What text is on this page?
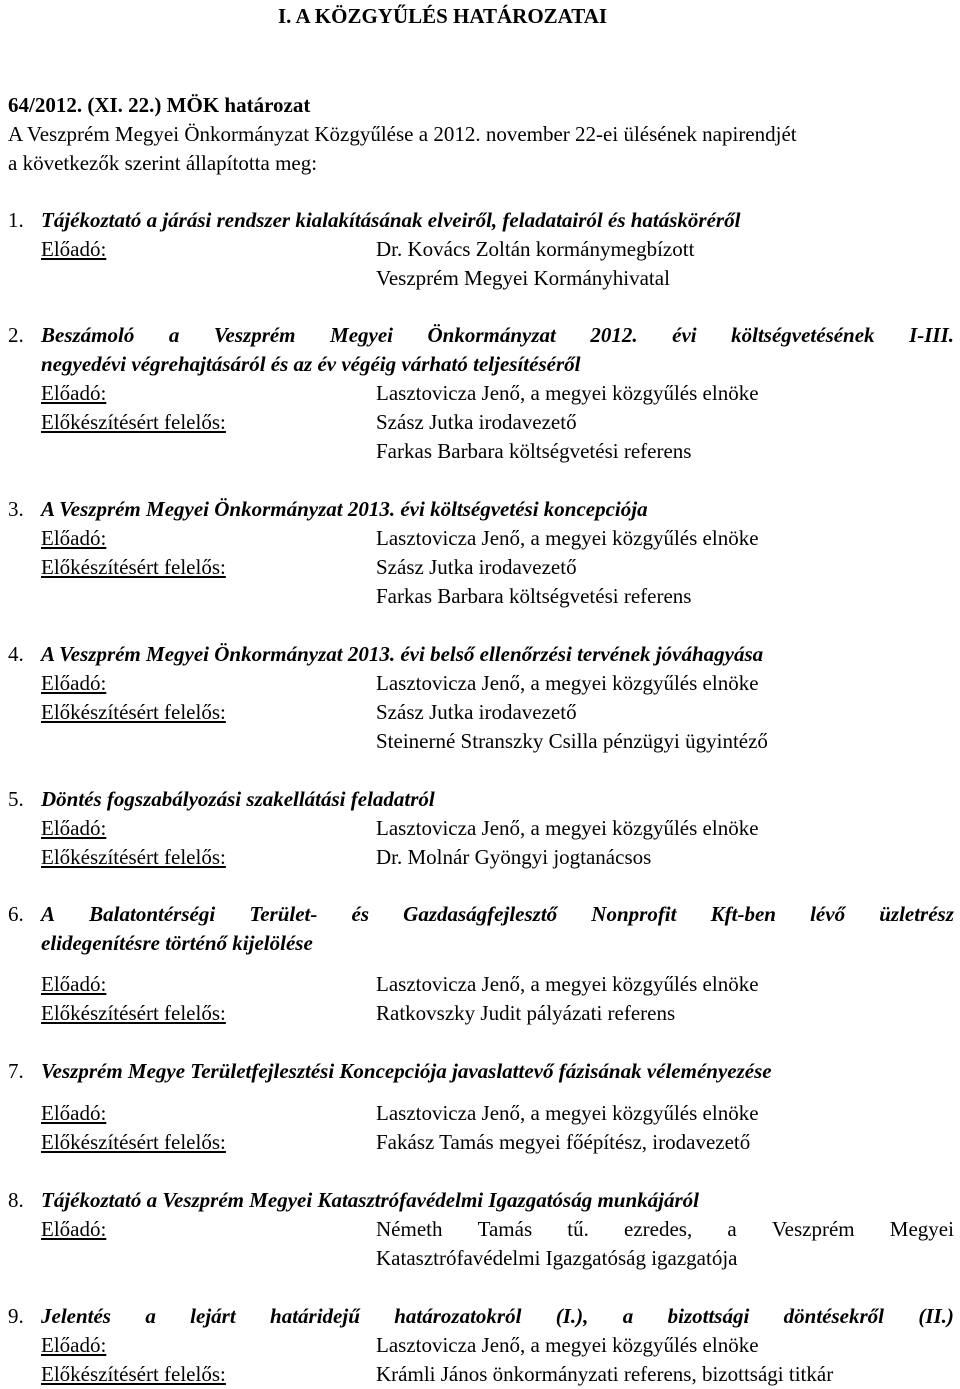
I. A KÖZGYŰLÉS HATÁROZATAI
64/2012. (XI. 22.) MÖK határozat
A Veszprém Megyei Önkormányzat Közgyűlése a 2012. november 22-ei ülésének napirendjét
a következők szerint állapította meg:
1. Tájékoztató a járási rendszer kialakításának elveiről, feladatairól és hatásköréről
Előadó:	Dr. Kovács Zoltán kormánymegbízott
Veszprém Megyei Kormányhivatal
2. Beszámoló a Veszprém Megyei Önkormányzat 2012. évi költségvetésének I-III.
negyedévi végrehajtásáról és az év végéig várható teljesítéséről
Előadó:	Lasztovicza Jenő, a megyei közgyűlés elnöke
Előkészítésért felelős:	Szász Jutka irodavezető
Farkas Barbara költségvetési referens
3. A Veszprém Megyei Önkormányzat 2013. évi költségvetési koncepciója
Előadó:	Lasztovicza Jenő, a megyei közgyűlés elnöke
Előkészítésért felelős:	Szász Jutka irodavezető
Farkas Barbara költségvetési referens
4. A Veszprém Megyei Önkormányzat 2013. évi belső ellenőrzési tervének jóváhagyása
Előadó:	Lasztovicza Jenő, a megyei közgyűlés elnöke
Előkészítésért felelős:	Szász Jutka irodavezető
Steinerné Stranszky Csilla pénzügyi ügyintéző
5. Döntés fogszabályozási szakellátási feladatról
Előadó:	Lasztovicza Jenő, a megyei közgyűlés elnöke
Előkészítésért felelős:	Dr. Molnár Gyöngyi jogtanácsos
6. A Balatontérségi Terület- és Gazdaságfejlesztő Nonprofit Kft-ben lévő üzletrész
elidegenítésre történő kijelölése
Előadó:	Lasztovicza Jenő, a megyei közgyűlés elnöke
Előkészítésért felelős:	Ratkovszky Judit pályázati referens
7. Veszprém Megye Területfejlesztési Koncepciója javaslattevő fázisának véleményezése
Előadó:	Lasztovicza Jenő, a megyei közgyűlés elnöke
Előkészítésért felelős:	Fakász Tamás megyei főépítész, irodavezető
8. Tájékoztató a Veszprém Megyei Katasztrófavédelmi Igazgatóság munkájáról
Előadó:	Németh Tamás tű. ezredes, a Veszprém Megyei
Katasztrófavédelmi Igazgatóság igazgatója
9. Jelentés a lejárt határidejű határozatokról (I.), a bizottsági döntésekről (II.)
Előadó:	Lasztovicza Jenő, a megyei közgyűlés elnöke
Előkészítésért felelős:	Krámli János önkormányzati referens, bizottsági titkár
